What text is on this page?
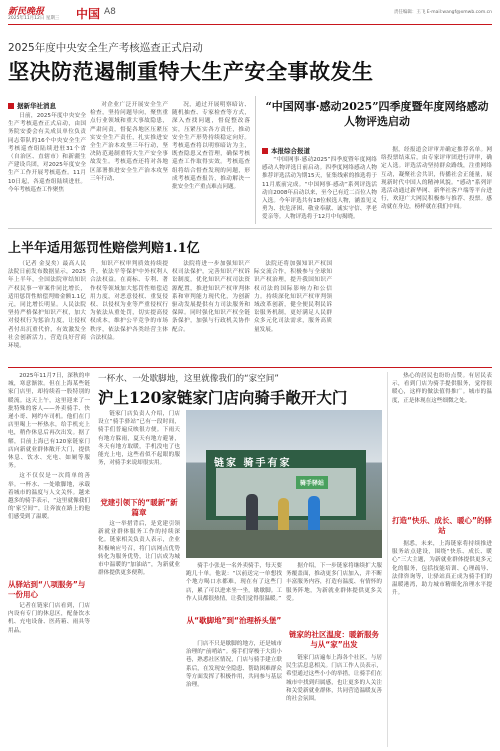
新民晚报
2025年11月12日 星期三 中国 A8	责任编辑：王飞 E-mail:wangf@xmwb.com.cn
2025年度中央安全生产考核巡查正式启动
坚决防范遏制重特大生产安全事故发生
据新华社消息

日前，2025年度中央安全生产考核巡查正式启动，由国务院安委会有关成员单位负责同志带队的16个中央安全生产考核巡查组陆续进驻31个省（自治区、直辖市）和新疆生产建设兵团，对2025年度安全生产工作开展考核巡查。11月10日起，各巡查组陆续进驻。今年考核巡查工作聚焦

对企业广泛开展安全生产检查，坚持问题导向，聚焦重点行业领域和重大事故隐患，严肃问责，督促各地区压紧压实安全生产责任，扎实推进安全生产治本攻坚三年行动，坚决防范遏制重特大生产安全事故发生。考核巡查还将对各地区部署推进安全生产治本攻坚三年行动、

况，通过开展明察暗访、随机抽查、专家检查等方式，深入查找问题，督促整改落实，压紧压实各方责任，推动安全生产形势持续稳定向好。考核巡查将以明察暗访为主，既查隐患又查管理，确保考核巡查工作取得实效。考核巡查组将结合督查发现的问题，形成考核巡查报告，推动解决一批安全生产重点难点问题。

“中国网事·感动2025”四季度暨年度网络感动人物评选启动
本报综合报道

“中国网事·感动2025”四季度暨年度网络感动人物评选日前启动。四季度网络感动人物推荐评选活动为期15天，征集线索的推选将于11月底前完成。“中国网事·感动”系列评选活动自2008年启动以来，至今已有近二百位人物入选。今年评选共有18位候选人物，涵盖见义勇为、扶危济困、敬业奉献、诚实守信、孝老爱亲等。人物评选将于12月中旬揭晓。

据，经报道会评审并确定推荐名单。网络投票结束后，由专家评审团进行评审，确定人选。评选活动坚持群众路线，注重网络互动，凝聚社会共识，传播社会正能量，展现新时代中国人的精神风貌。“感动”系列评选活动通过新华网、新华社客户端等平台进行，欢迎广大网民积极参与推荐、投票。感动就在身边，榜样就在我们中间。

上半年适用惩罚性赔偿判赔1.1亿

（记者 金旻矣）最高人民法院日前发布数据显示，2025年上半年，全国法院审结知识产权民事一审案件同比增长，适用惩罚性赔偿判赔金额1.1亿元，同比增长明显。人民法院坚持严格保护知识产权，加大对侵权行为惩治力度，让侵权者付出沉重代价，有效激发全社会创新活力，营造良好营商环境。

知识产权审判质效持续提升，依法平等保护中外权利人合法权益。在商标、专利、著作权等领域加大惩罚性赔偿适用力度，对恶意侵权、重复侵权、以侵权为业等严重侵权行为依法从重处罚，切实提高侵权成本，维护公平竞争的市场秩序，依法保护各类经营主体合法权益。

法院将进一步加强知识产权司法保护，完善知识产权诉讼制度，优化知识产权司法资源配置，推进知识产权审判体系和审判能力现代化，为创新驱动发展提供有力司法服务和保障。同时强化知识产权全链条保护，加强与行政机关协作配合。

法院还将加强知识产权国际交流合作，积极参与全球知识产权治理，提升我国知识产权司法的国际影响力和公信力。持续深化知识产权审判领域改革创新，健全便民利民诉讼服务机制，更好满足人民群众多元化司法需求，服务高质量发展。

2025年11月7日，深秋的申城，寒意渐浓。但在上海某些链家门店里，却持续着一股特别的暖流。这天上午，这里迎来了一批特殊的客人——外卖骑手、快递小哥、网约车司机。他们在门店里喝上一杯热水，给手机充上电，稍作休息后再次出发。据了解，目前上海已有120家链家门店向新就业群体敞开大门，提供休息、饮水、充电、如厕等服务。

这不仅仅是一次简单的善举。一杯水、一处歇脚地，承载着城市的温度与人文关怀。越来越多的骑手表示，“这里就像我们的‘家空间’”，让奔波在路上的他们感受到了温暖。

从驿站到“八项服务”与一份用心

记者在链家门店看到，门店内设有专门的休息区，配备饮水机、充电设备、医药箱、雨具等用品。

一杯水、一处歇脚地，这里就像我们的“家空间”
沪上120家链家门店向骑手敞开大门

链家门店负责人介绍，门店设立“骑手驿站”已有一段时间，骑手们普遍反映很方便。下雨天有地方躲雨，夏天有地方避暑，冬天有地方取暖，手机没电了也能充上电，这些看似不起眼的服务，对骑手来说却很实用。

党建引领下的“暖新”新篇章

这一举措背后，是党建引领新就业群体服务工作的持续深化。链家相关负责人表示，企业积极响应号召，将门店网点优势转化为服务优势，让门店成为城市中温暖的“加油站”，为新就业群体提供更多便利。

链家 骑手有家
骑手驿站

骑手小张是一名外卖骑手，每天要跑几十单。他说：“以前送完一单想找个地方喝口水都难，现在有了这些门店，累了可以进来坐一坐，歇歇脚。工作人员都很热情，让我们觉得很温暖。”

从“歇脚地”到“治理桥头堡”

门店不只是歇脚的地方，还是城市治理的“前哨站”。骑手们穿梭于大街小巷，熟悉社区情况，门店与骑手建立联系后，在发现安全隐患、帮助困难群众等方面发挥了积极作用，共同参与基层治理。

据介绍，下一步链家将继续扩大服务覆盖面，推动更多门店加入，并不断丰富服务内容，打造有温度、有情怀的服务阵地，为新就业群体提供更多关爱。

链家的社区温度：暖新服务与从“家”出发

链家门店遍布上海各个社区，与居民生活息息相关。门店工作人员表示，希望通过这些小小的举措，让骑手们在城市中找到归属感，也让更多的人关注和关爱新就业群体，共同营造温暖友善的社会氛围。

热心的居民也纷纷点赞。有居民表示，看到门店为骑手提供服务，觉得很暖心，这样的做法值得推广。城市的温度，正是体现在这些细微之处。

打造“快乐、成长、暖心”的驿站

据悉，未来，上海链家将持续推进服务站点建设，围绕“快乐、成长、暖心”三大主题，为新就业群体提供更多元化的服务，包括技能培训、心理疏导、法律咨询等，让驿站真正成为骑手们的温暖港湾，助力城市精细化治理水平提升。
